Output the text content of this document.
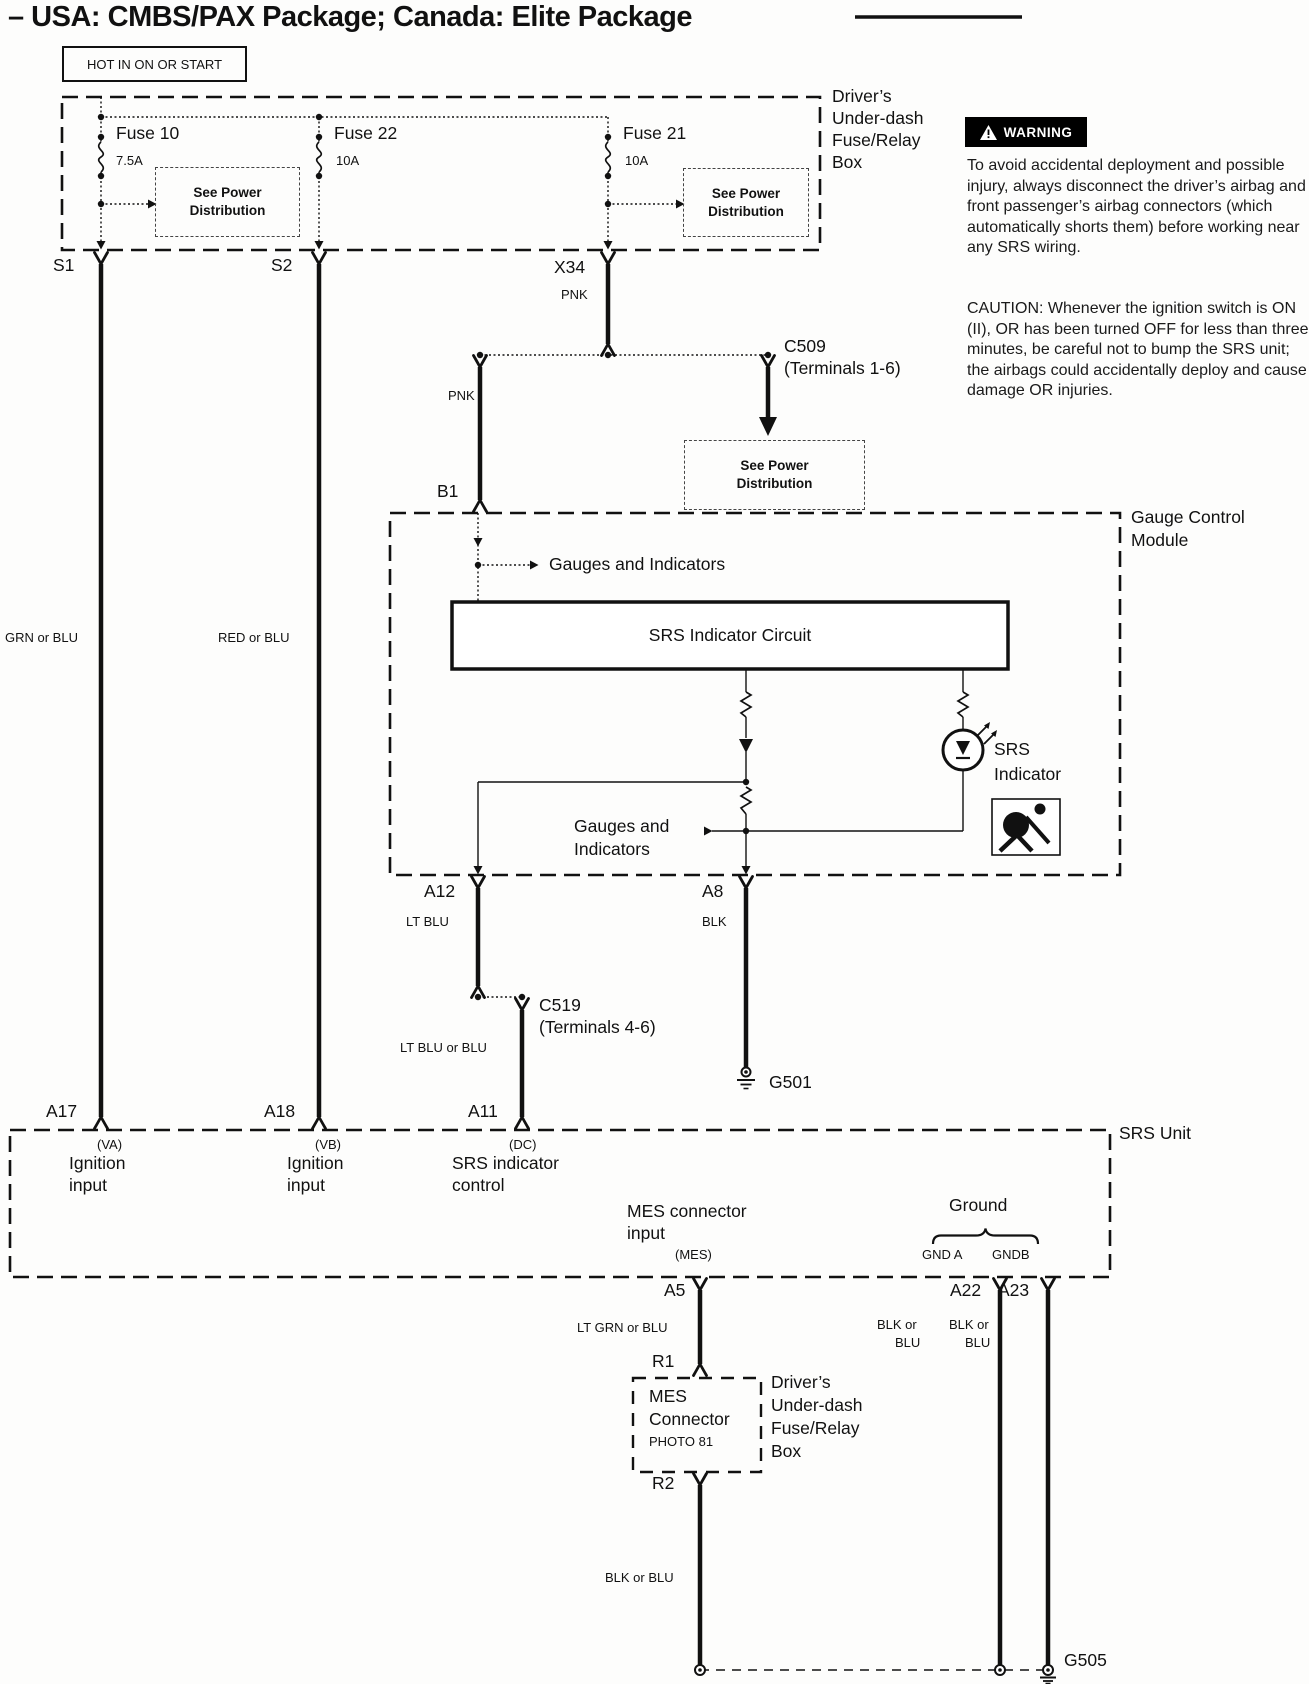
– USA: CMBS/PAX Package; Canada: Elite Package
HOT IN ON OR START
Fuse 10
7.5A
Fuse 22
10A
Fuse 21
10A
See Power
Distribution
See Power
Distribution
See Power
Distribution
Driver’s
Under-dash
Fuse/Relay
Box
WARNING
To avoid accidental deployment and possible injury, always disconnect the driver’s airbag and front passenger’s airbag connectors (which automatically shorts them) before working near any SRS wiring.
CAUTION: Whenever the ignition switch is ON (II), OR has been turned OFF for less than three minutes, be careful not to bump the SRS unit; the airbags could accidentally deploy and cause damage OR injuries.
S1	S2	X34
PNK
C509
(Terminals 1-6)
PNK
B1
GRN or BLU	RED or BLU
Gauge Control
Module
Gauges and Indicators
SRS Indicator Circuit
SRS
Indicator
Gauges and
Indicators
A12	A8
LT BLU	BLK
C519
(Terminals 4-6)
LT BLU or BLU
G501
A17	A18	A11
SRS Unit
(VA)
Ignition
input
(VB)
Ignition
input
(DC)
SRS indicator
control
MES connector
input
(MES)
Ground
GND A GNDB
A5	A22 A23
LT GRN or BLU	BLK or
BLU
BLK or
BLU
R1
MES
Connector
PHOTO 81
Driver’s
Under-dash
Fuse/Relay
Box
R2
BLK or BLU
G505
